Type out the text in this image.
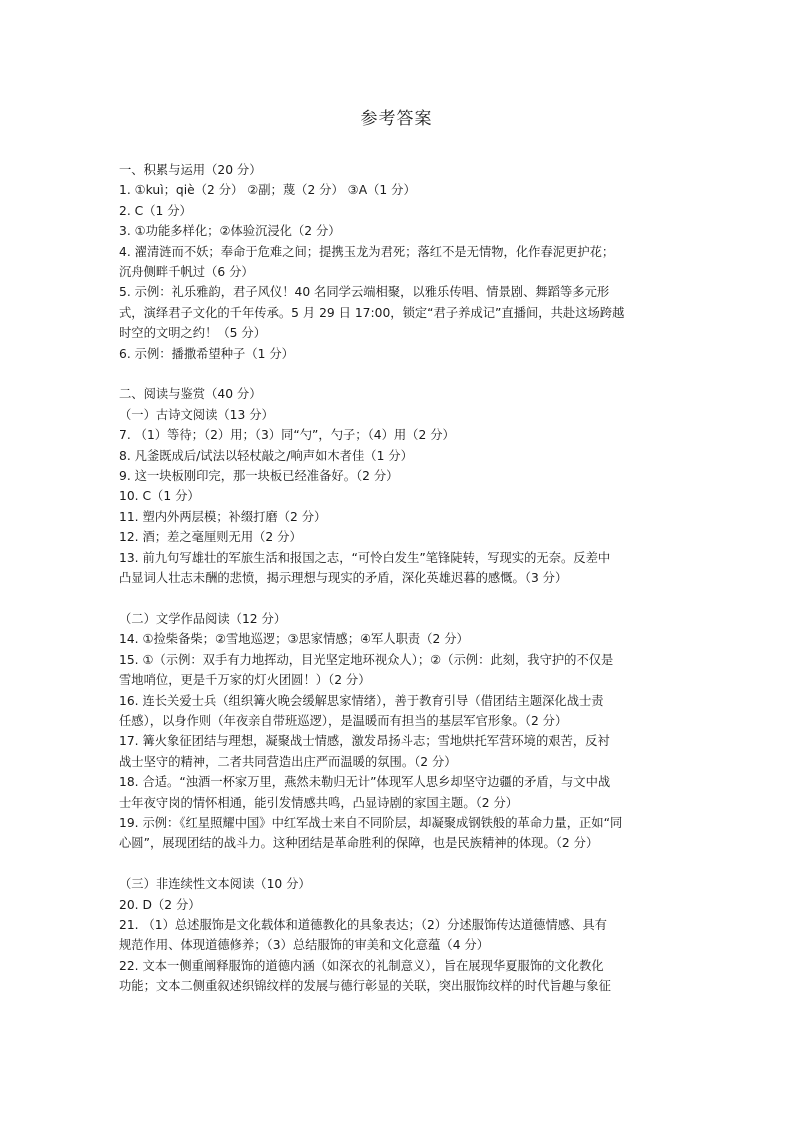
参考答案
一、积累与运用（20 分）
1. ①kuì；qiè（2 分） ②副；蔑（2 分） ③A（1 分）
2. C（1 分）
3. ①功能多样化；②体验沉浸化（2 分）
4. 濯清涟而不妖；奉命于危难之间；提携玉龙为君死；落红不是无情物，化作春泥更护花；
沉舟侧畔千帆过（6 分）
5. 示例：礼乐雅韵，君子风仪！40 名同学云端相聚，以雅乐传唱、情景剧、舞蹈等多元形
式，演绎君子文化的千年传承。5 月 29 日 17:00，锁定“君子养成记”直播间，共赴这场跨越
时空的文明之约！（5 分）
6. 示例：播撒希望种子（1 分）
二、阅读与鉴赏（40 分）
（一）古诗文阅读（13 分）
7. （1）等待；（2）用；（3）同“勺”，勺子；（4）用（2 分）
8. 凡釜既成后/试法以轻杖敲之/响声如木者佳（1 分）
9. 这一块板刚印完，那一块板已经准备好。（2 分）
10. C（1 分）
11. 塑内外两层模；补缀打磨（2 分）
12. 酒；差之毫厘则无用（2 分）
13. 前九句写雄壮的军旅生活和报国之志，“可怜白发生”笔锋陡转，写现实的无奈。反差中
凸显词人壮志未酬的悲愤，揭示理想与现实的矛盾，深化英雄迟暮的感慨。（3 分）
（二）文学作品阅读（12 分）
14. ①捡柴备柴；②雪地巡逻；③思家情感；④军人职责（2 分）
15. ①（示例：双手有力地挥动，目光坚定地环视众人）；②（示例：此刻，我守护的不仅是
雪地哨位，更是千万家的灯火团圆！）（2 分）
16. 连长关爱士兵（组织篝火晚会缓解思家情绪），善于教育引导（借团结主题深化战士责
任感），以身作则（年夜亲自带班巡逻），是温暖而有担当的基层军官形象。（2 分）
17. 篝火象征团结与理想，凝聚战士情感，激发昂扬斗志；雪地烘托军营环境的艰苦，反衬
战士坚守的精神，二者共同营造出庄严而温暖的氛围。（2 分）
18. 合适。“浊酒一杯家万里，燕然未勒归无计”体现军人思乡却坚守边疆的矛盾，与文中战
士年夜守岗的情怀相通，能引发情感共鸣，凸显诗剧的家国主题。（2 分）
19. 示例：《红星照耀中国》中红军战士来自不同阶层，却凝聚成钢铁般的革命力量，正如“同
心圆”，展现团结的战斗力。这种团结是革命胜利的保障，也是民族精神的体现。（2 分）
（三）非连续性文本阅读（10 分）
20. D（2 分）
21. （1）总述服饰是文化载体和道德教化的具象表达；（2）分述服饰传达道德情感、具有
规范作用、体现道德修养；（3）总结服饰的审美和文化意蕴（4 分）
22. 文本一侧重阐释服饰的道德内涵（如深衣的礼制意义），旨在展现华夏服饰的文化教化
功能；文本二侧重叙述织锦纹样的发展与德行彰显的关联，突出服饰纹样的时代旨趣与象征
